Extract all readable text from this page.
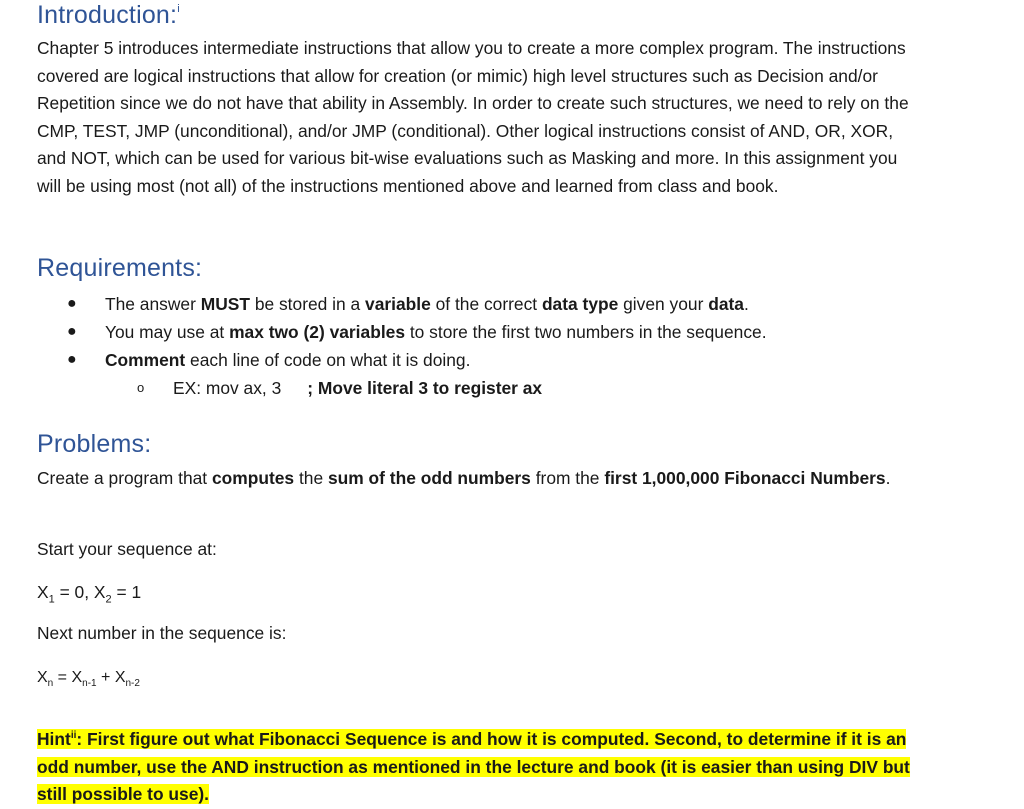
Introduction:$^i$

Chapter 5 introduces intermediate instructions that allow you to create a more complex program. The instructions covered are logical instructions that allow for creation (or mimic) high level structures such as Decision and/or Repetition since we do not have that ability in Assembly. In order to create such structures, we need to rely on the CMP, TEST, JMP (unconditional), and/or JMP (conditional). Other logical instructions consist of AND, OR, XOR, and NOT, which can be used for various bit-wise evaluations such as Masking and more. In this assignment you will be using most (not all) of the instructions mentioned above and learned from class and book.

Requirements:
● The answer MUST be stored in a variable of the correct data type given your data.
● You may use at max two (2) variables to store the first two numbers in the sequence.
● Comment each line of code on what it is doing.
o EX: mov ax, 3 ; Move literal 3 to register ax
Problems:

Create a program that computes the sum of the odd numbers from the first 1,000,000 Fibonacci Numbers.

Start your sequence at:

$X_1 = 0$, $X_2 = 1$

Next number in the sequence is:

$X_n = X_{n-1} + X_{n-2}$

Hint$^{ii}$: First figure out what Fibonacci Sequence is and how it is computed. Second, to determine if it is an odd number, use the AND instruction as mentioned in the lecture and book (it is easier than using DIV but still possible to use).
